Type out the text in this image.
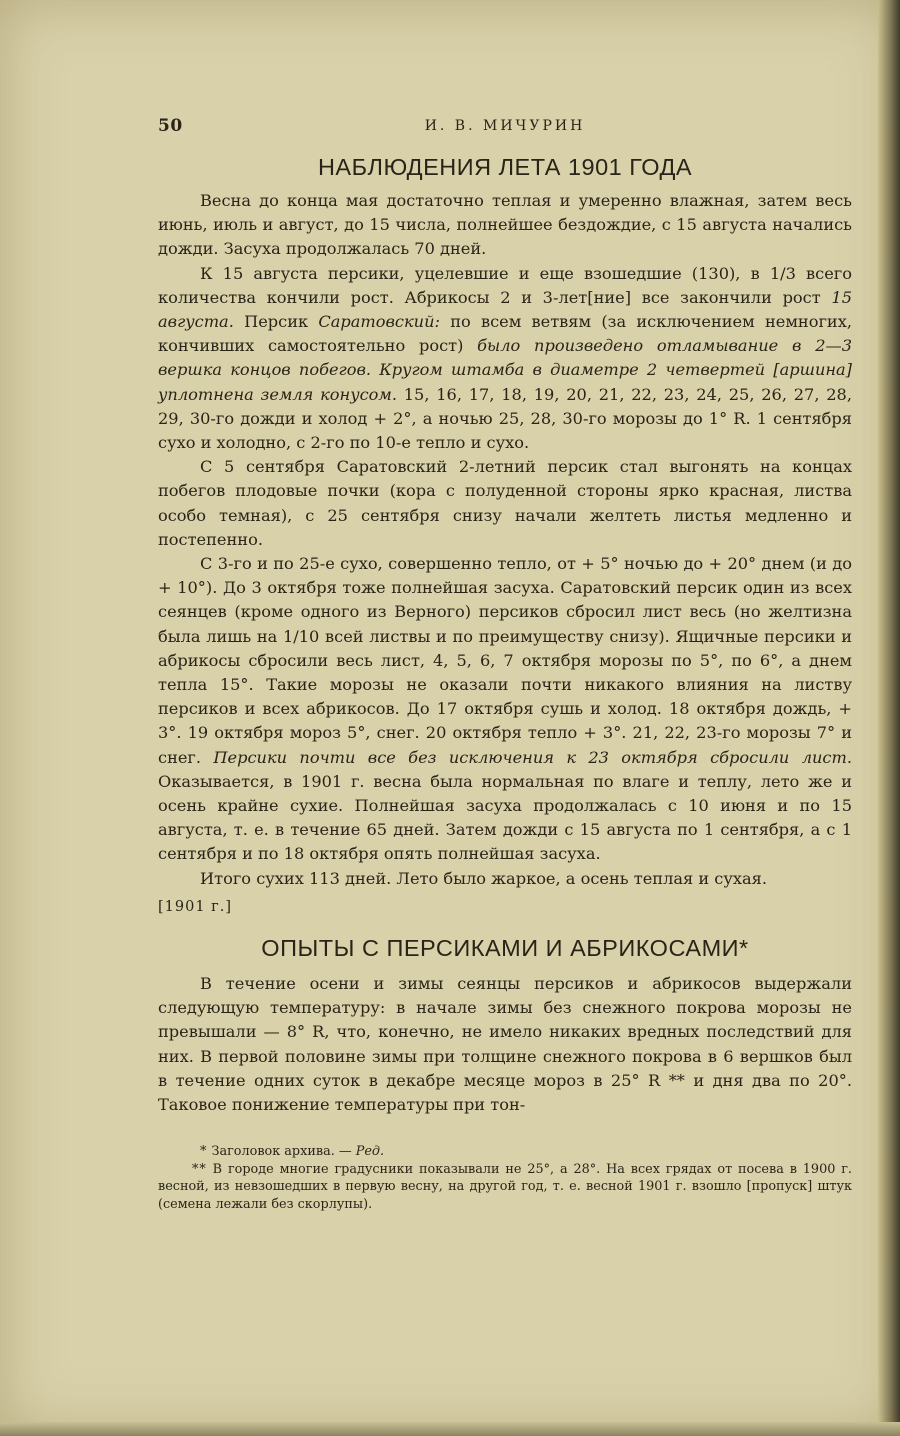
50	И. В. МИЧУРИН
НАБЛЮДЕНИЯ ЛЕТА 1901 ГОДА

Весна до конца мая достаточно теплая и умеренно влажная, затем весь июнь, июль и август, до 15 числа, полнейшее бездождие, с 15 августа начались дожди. Засуха продолжалась 70 дней.

К 15 августа персики, уцелевшие и еще взошедшие (130), в 1/3 всего количества кончили рост. Абрикосы 2 и 3-лет[ние] все закончили рост 15 августа. Персик Саратовский: по всем ветвям (за исключением немногих, кончивших самостоятельно рост) было произведено отламывание в 2—3 вершка концов побегов. Кругом штамба в диаметре 2 четвертей [аршина] уплотнена земля конусом. 15, 16, 17, 18, 19, 20, 21, 22, 23, 24, 25, 26, 27, 28, 29, 30-го дожди и холод + 2°, а ночью 25, 28, 30-го морозы до 1° R. 1 сентября сухо и холодно, с 2-го по 10-е тепло и сухо.

С 5 сентября Саратовский 2-летний персик стал выгонять на концах побегов плодовые почки (кора с полуденной стороны ярко красная, листва особо темная), с 25 сентября снизу начали желтеть листья медленно и постепенно.

С 3-го и по 25-е сухо, совершенно тепло, от + 5° ночью до + 20° днем (и до + 10°). До 3 октября тоже полнейшая засуха. Саратовский персик один из всех сеянцев (кроме одного из Верного) персиков сбросил лист весь (но желтизна была лишь на 1/10 всей листвы и по преимуществу снизу). Ящичные персики и абрикосы сбросили весь лист, 4, 5, 6, 7 октября морозы по 5°, по 6°, а днем тепла 15°. Такие морозы не оказали почти никакого влияния на листву персиков и всех абрикосов. До 17 октября сушь и холод. 18 октября дождь, + 3°. 19 октября мороз 5°, снег. 20 октября тепло + 3°. 21, 22, 23-го морозы 7° и снег. Персики почти все без исключения к 23 октября сбросили лист. Оказывается, в 1901 г. весна была нормальная по влаге и теплу, лето же и осень крайне сухие. Полнейшая засуха продолжалась с 10 июня и по 15 августа, т. е. в течение 65 дней. Затем дожди с 15 августа по 1 сентября, а с 1 сентября и по 18 октября опять полнейшая засуха.

Итого сухих 113 дней. Лето было жаркое, а осень теплая и сухая.

[1901 г.]
ОПЫТЫ С ПЕРСИКАМИ И АБРИКОСАМИ*

В течение осени и зимы сеянцы персиков и абрикосов выдержали следующую температуру: в начале зимы без снежного покрова морозы не превышали — 8° R, что, конечно, не имело никаких вредных последствий для них. В первой половине зимы при толщине снежного покрова в 6 вершков был в течение одних суток в декабре месяце мороз в 25° R ** и дня два по 20°. Таковое понижение температуры при тон-

* Заголовок архива. — Ред.
** В городе многие градусники показывали не 25°, а 28°. На всех грядах от посева в 1900 г. весной, из невзошедших в первую весну, на другой год, т. е. весной 1901 г. взошло [пропуск] штук (семена лежали без скорлупы).
